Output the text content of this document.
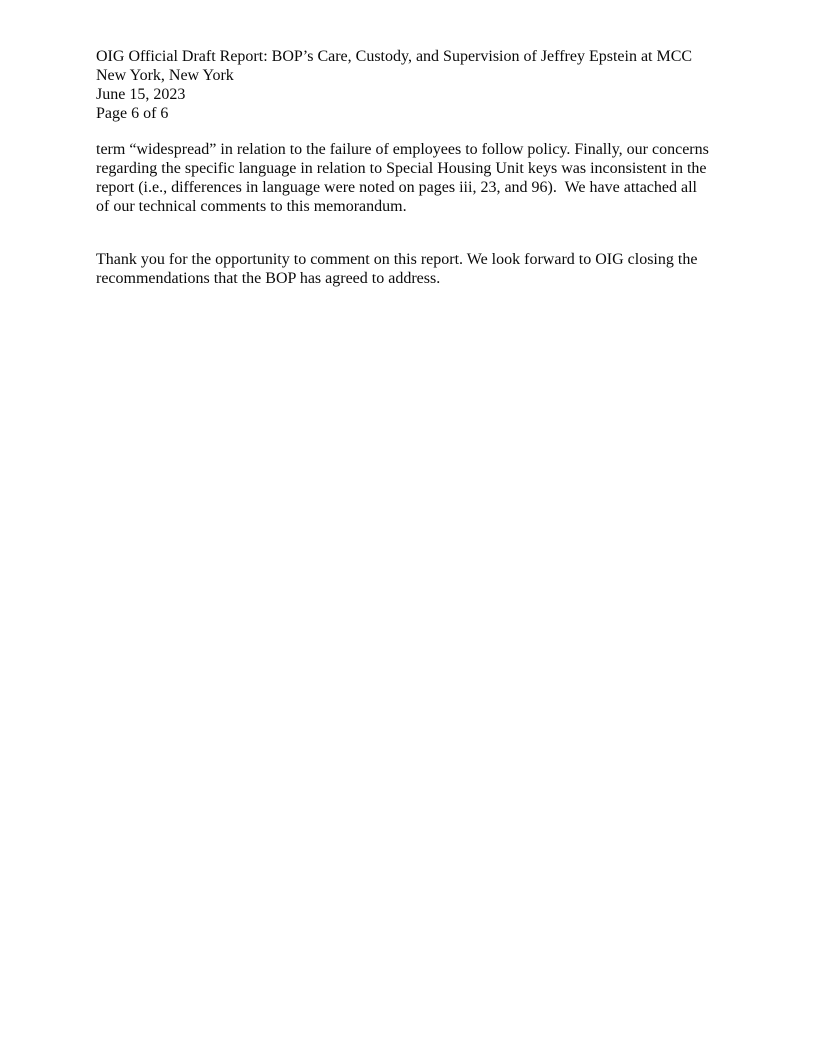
OIG Official Draft Report: BOP’s Care, Custody, and Supervision of Jeffrey Epstein at MCC
New York, New York
June 15, 2023
Page 6 of 6
term “widespread” in relation to the failure of employees to follow policy. Finally, our concerns
regarding the specific language in relation to Special Housing Unit keys was inconsistent in the
report (i.e., differences in language were noted on pages iii, 23, and 96).  We have attached all
of our technical comments to this memorandum.
Thank you for the opportunity to comment on this report. We look forward to OIG closing the
recommendations that the BOP has agreed to address.
